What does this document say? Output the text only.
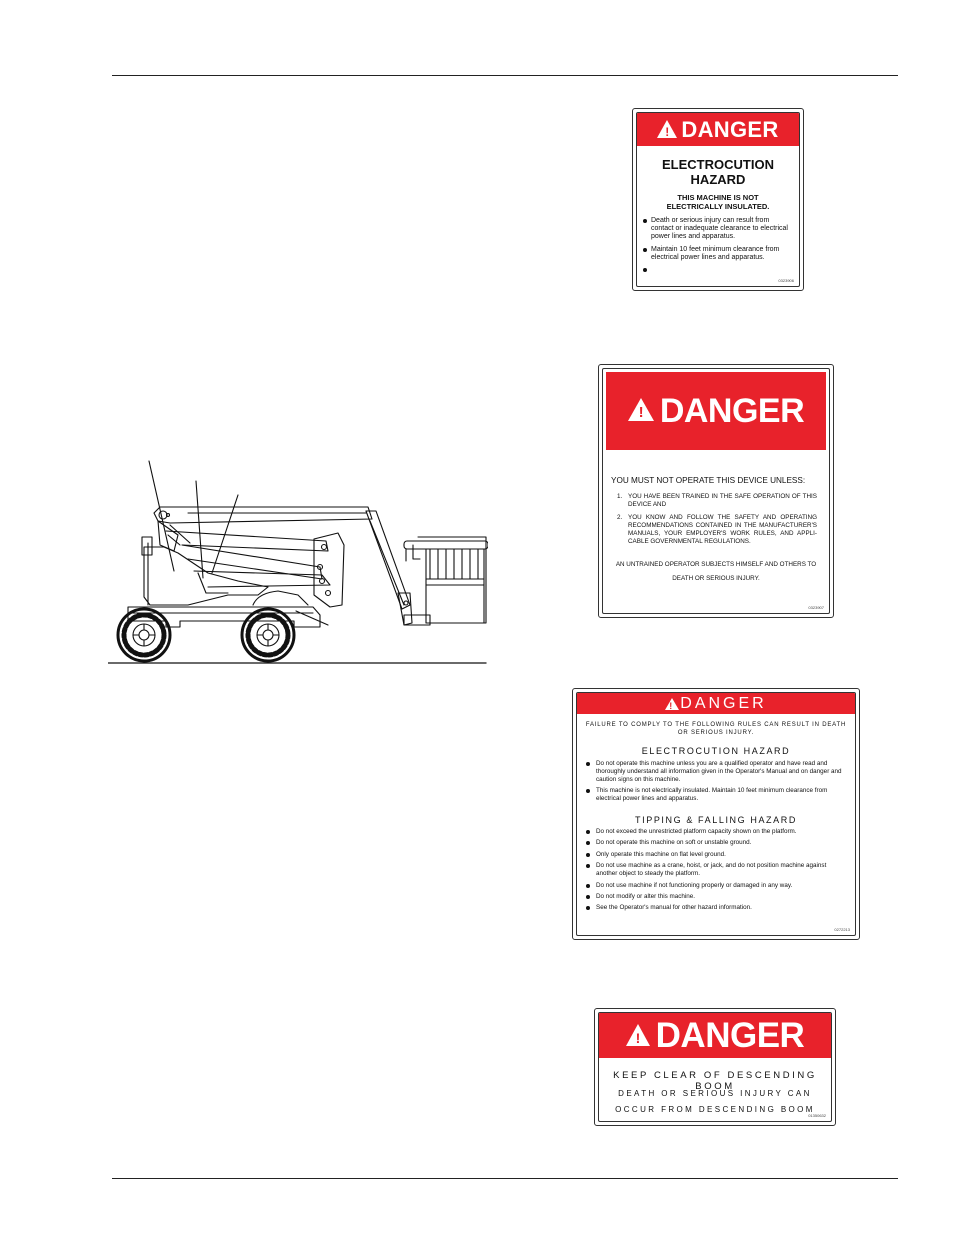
! DANGER
ELECTROCUTION
HAZARD
THIS MACHINE IS NOT
ELECTRICALLY INSULATED.
Death or serious injury can result from contact or inadequate clearance to electrical power lines and apparatus.
Maintain 10 feet minimum clearance from electrical power lines and apparatus.
0323906
! DANGER
YOU MUST NOT OPERATE THIS DEVICE UNLESS:
1. YOU HAVE BEEN TRAINED IN THE SAFE OPERATION OF THIS DEVICE AND
2. YOU KNOW AND FOLLOW THE SAFETY AND OPERATING RECOMMENDATIONS CONTAINED IN THE MANUFACTURER'S MANUALS, YOUR EMPLOYER'S WORK RULES, AND APPLI-CABLE GOVERNMENTAL REGULATIONS.

AN UNTRAINED OPERATOR SUBJECTS HIMSELF AND OTHERS TO

DEATH OR SERIOUS INJURY.

0323907
! DANGER
FAILURE TO COMPLY TO THE FOLLOWING RULES CAN RESULT IN DEATH OR SERIOUS INJURY.
ELECTROCUTION HAZARD
Do not operate this machine unless you are a qualified operator and have read and thoroughly understand all information given in the Operator's Manual and on danger and caution signs on this machine.
This machine is not electrically insulated. Maintain 10 feet minimum clearance from electrical power lines and apparatus.
TIPPING & FALLING HAZARD
Do not exceed the unrestricted platform capacity shown on the platform.
Do not operate this machine on soft or unstable ground.
Only operate this machine on flat level ground.
Do not use machine as a crane, hoist, or jack, and do not position machine against another object to steady the platform.
Do not use machine if not functioning properly or damaged in any way.
Do not modify or alter this machine.
See the Operator's manual for other hazard information.
0272213
! DANGER
KEEP CLEAR OF DESCENDING BOOM
DEATH OR SERIOUS INJURY CAN
OCCUR FROM DESCENDING BOOM
01350632
